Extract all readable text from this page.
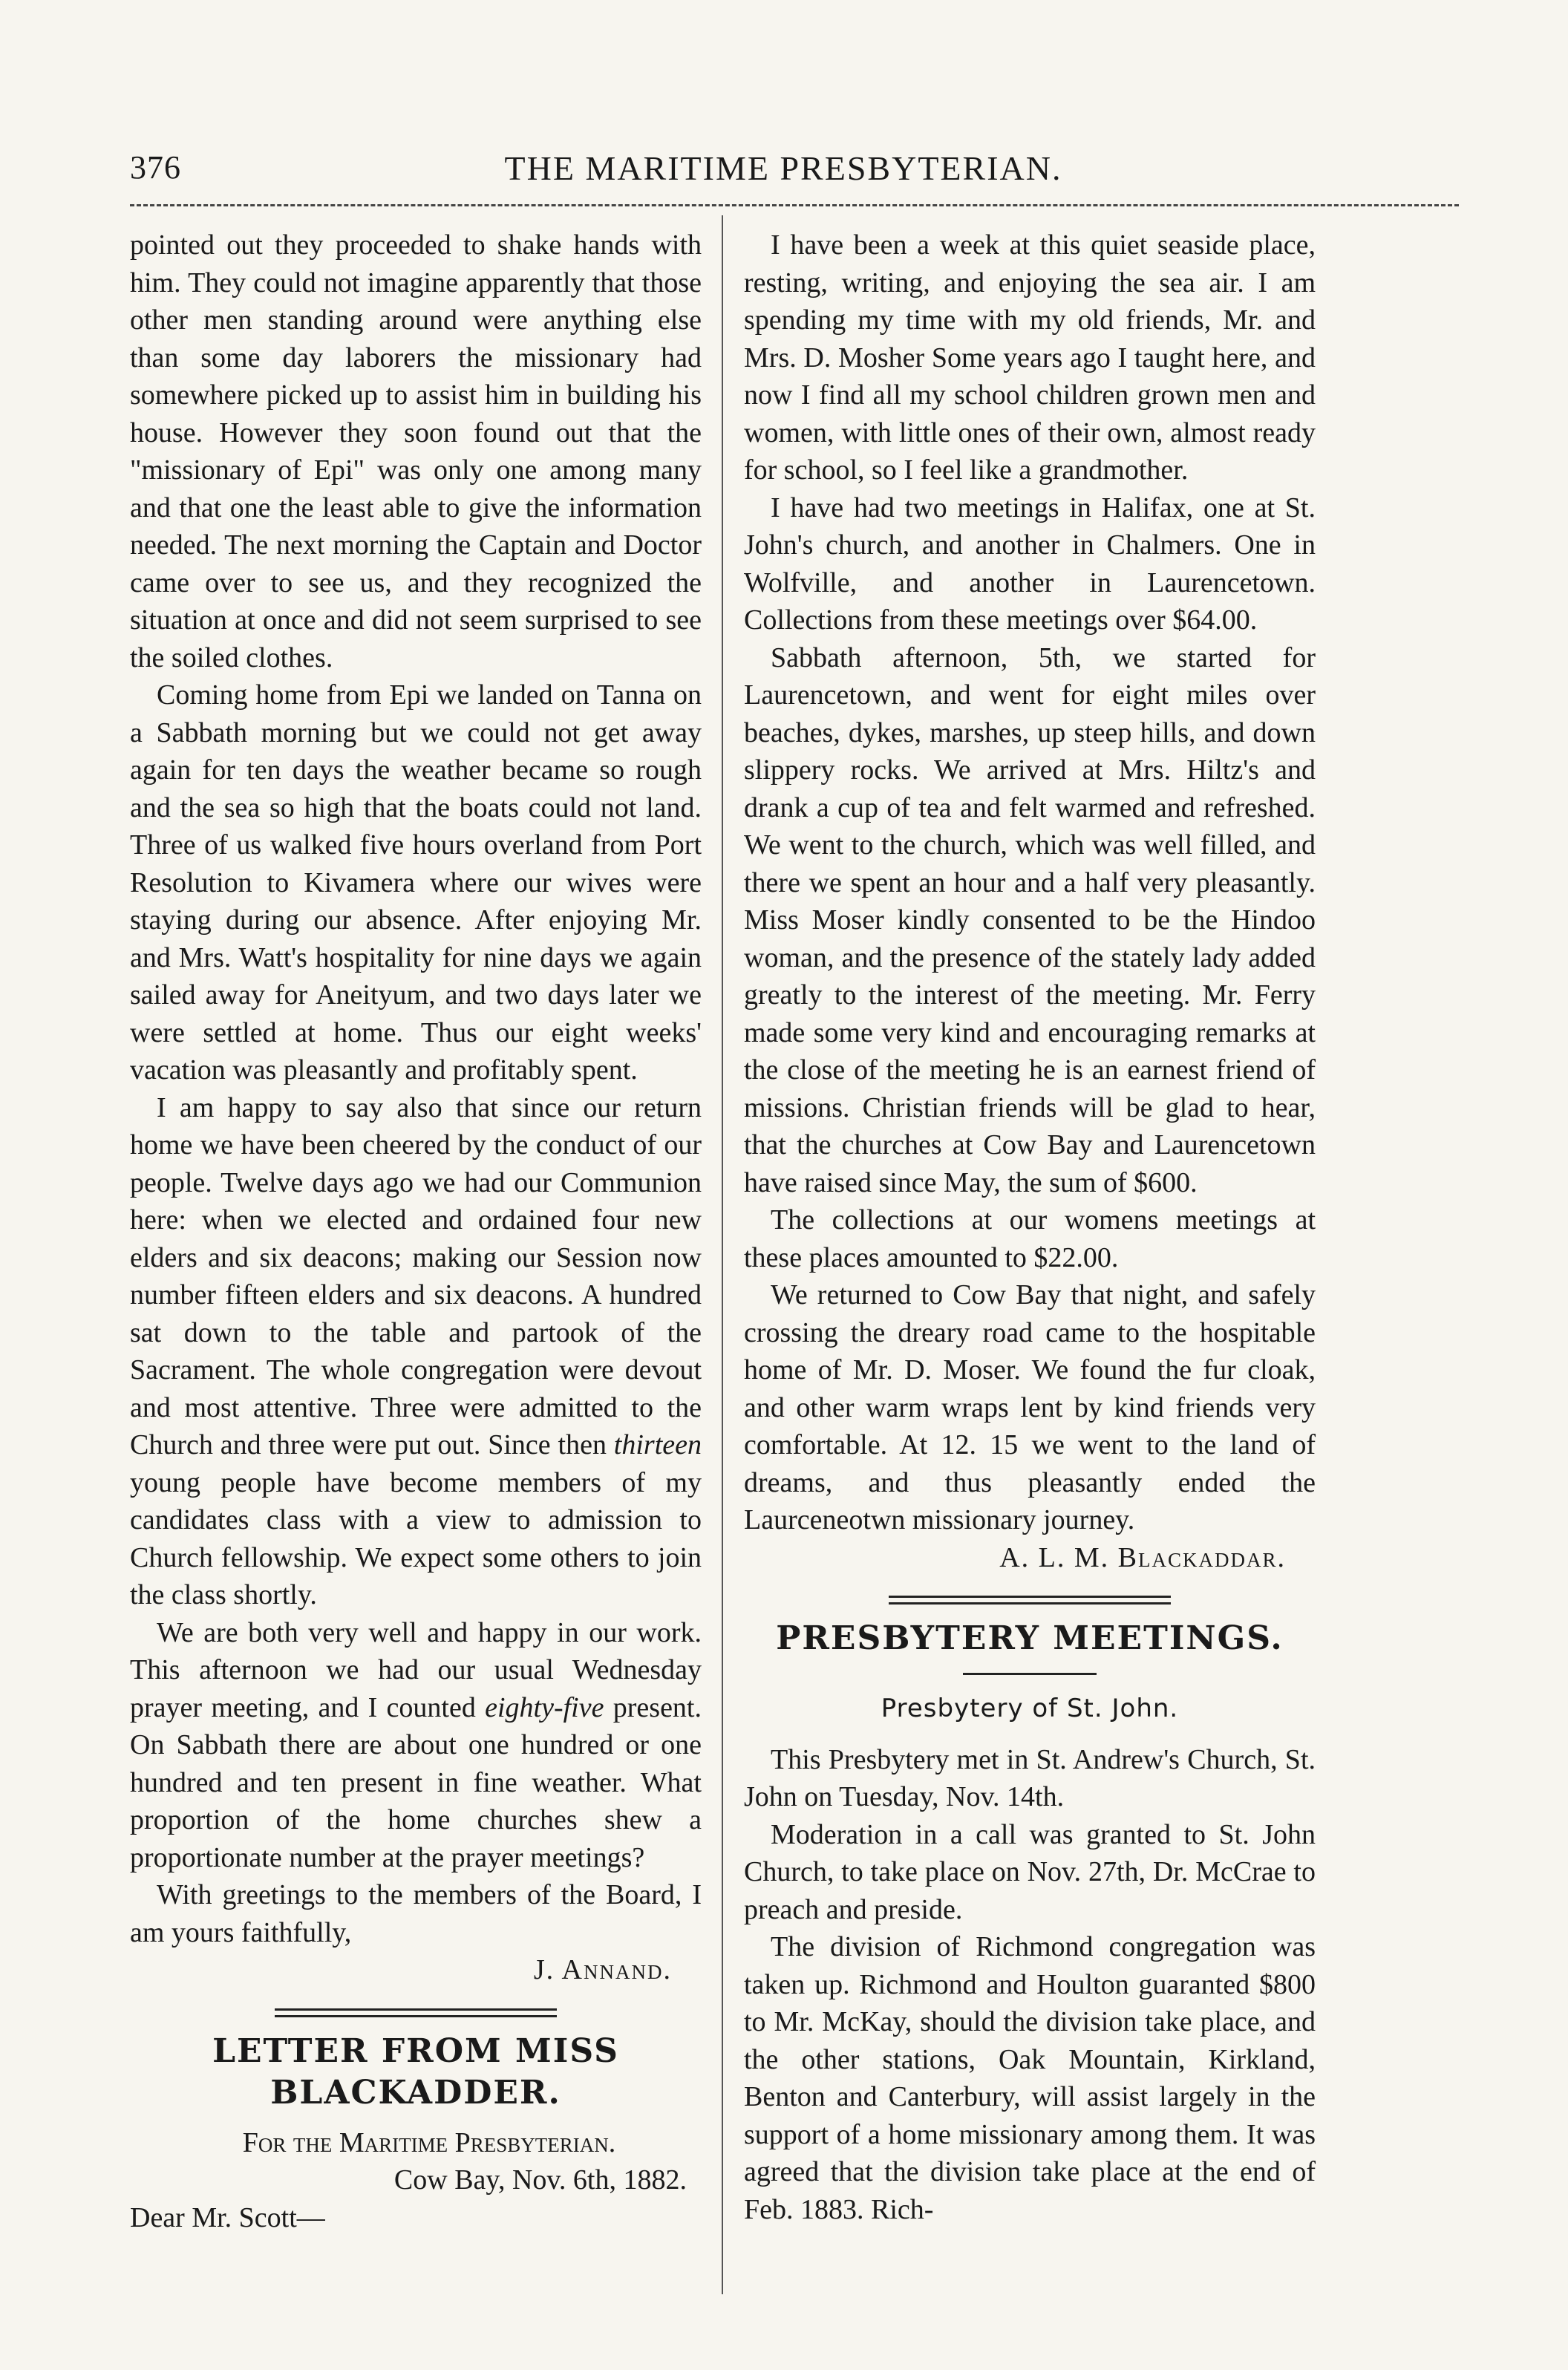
376	THE MARITIME PRESBYTERIAN.

pointed out they proceeded to shake hands with him. They could not imagine apparently that those other men standing around were anything else than some day laborers the missionary had somewhere picked up to assist him in building his house. However they soon found out that the "missionary of Epi" was only one among many and that one the least able to give the information needed. The next morning the Captain and Doctor came over to see us, and they recognized the situation at once and did not seem surprised to see the soiled clothes.

Coming home from Epi we landed on Tanna on a Sabbath morning but we could not get away again for ten days the weather became so rough and the sea so high that the boats could not land. Three of us walked five hours overland from Port Resolution to Kivamera where our wives were staying during our absence. After enjoying Mr. and Mrs. Watt's hospitality for nine days we again sailed away for Aneityum, and two days later we were settled at home. Thus our eight weeks' vacation was pleasantly and profitably spent.

I am happy to say also that since our return home we have been cheered by the conduct of our people. Twelve days ago we had our Communion here: when we elected and ordained four new elders and six deacons; making our Session now number fifteen elders and six deacons. A hundred sat down to the table and partook of the Sacrament. The whole congregation were devout and most attentive. Three were admitted to the Church and three were put out. Since then thirteen young people have become members of my candidates class with a view to admission to Church fellowship. We expect some others to join the class shortly.

We are both very well and happy in our work. This afternoon we had our usual Wednesday prayer meeting, and I counted eighty-five present. On Sabbath there are about one hundred or one hundred and ten present in fine weather. What proportion of the home churches shew a proportionate number at the prayer meetings?

With greetings to the members of the Board, I am yours faithfully,

J. Annand.

LETTER FROM MISS BLACKADDER.

For the Maritime Presbyterian.

Cow Bay, Nov. 6th, 1882.

Dear Mr. Scott—

I have been a week at this quiet seaside place, resting, writing, and enjoying the sea air. I am spending my time with my old friends, Mr. and Mrs. D. Mosher Some years ago I taught here, and now I find all my school children grown men and women, with little ones of their own, almost ready for school, so I feel like a grandmother.

I have had two meetings in Halifax, one at St. John's church, and another in Chalmers. One in Wolfville, and another in Laurencetown. Collections from these meetings over $64.00.

Sabbath afternoon, 5th, we started for Laurencetown, and went for eight miles over beaches, dykes, marshes, up steep hills, and down slippery rocks. We arrived at Mrs. Hiltz's and drank a cup of tea and felt warmed and refreshed. We went to the church, which was well filled, and there we spent an hour and a half very pleasantly. Miss Moser kindly consented to be the Hindoo woman, and the presence of the stately lady added greatly to the interest of the meeting. Mr. Ferry made some very kind and encouraging remarks at the close of the meeting he is an earnest friend of missions. Christian friends will be glad to hear, that the churches at Cow Bay and Laurencetown have raised since May, the sum of $600.

The collections at our womens meetings at these places amounted to $22.00.

We returned to Cow Bay that night, and safely crossing the dreary road came to the hospitable home of Mr. D. Moser. We found the fur cloak, and other warm wraps lent by kind friends very comfortable. At 12. 15 we went to the land of dreams, and thus pleasantly ended the Laurceneotwn missionary journey.

A. L. M. Blackaddar.

PRESBYTERY MEETINGS.
Presbytery of St. John.

This Presbytery met in St. Andrew's Church, St. John on Tuesday, Nov. 14th.

Moderation in a call was granted to St. John Church, to take place on Nov. 27th, Dr. McCrae to preach and preside.

The division of Richmond congregation was taken up. Richmond and Houlton guaranted $800 to Mr. McKay, should the division take place, and the other stations, Oak Mountain, Kirkland, Benton and Canterbury, will assist largely in the support of a home missionary among them. It was agreed that the division take place at the end of Feb. 1883. Rich-
